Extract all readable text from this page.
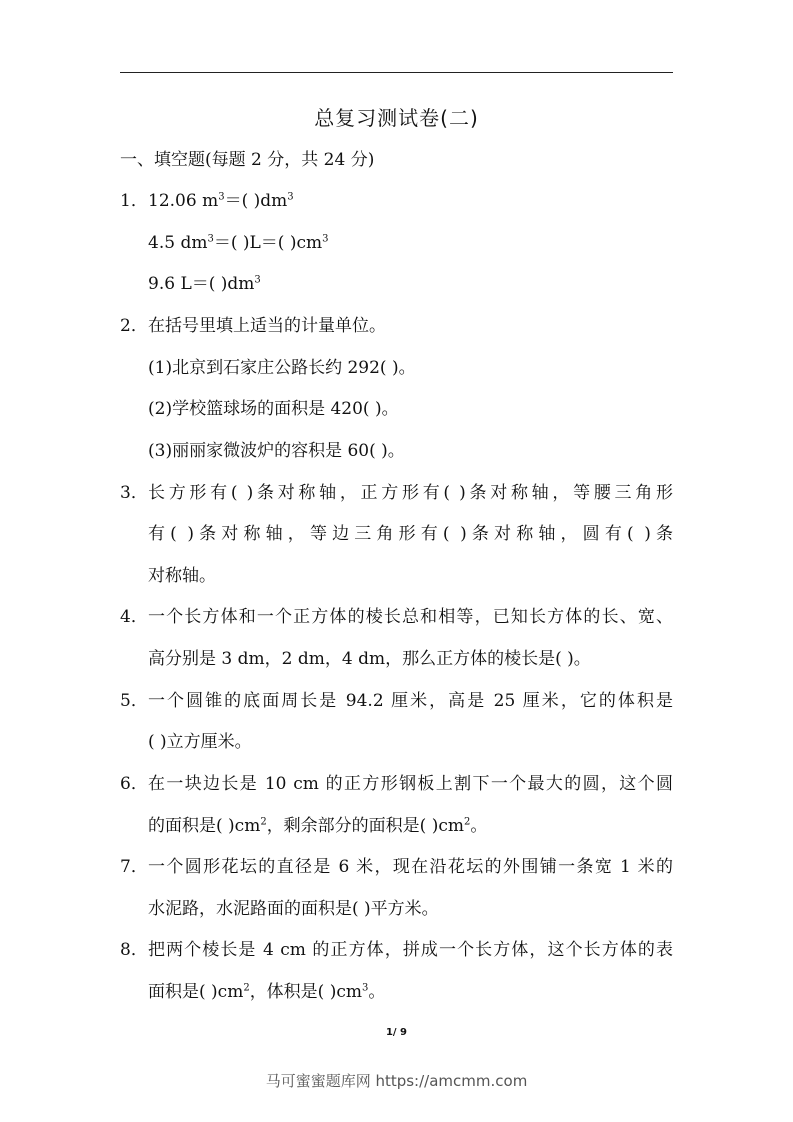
总复习测试卷(二)
一、填空题(每题 2 分，共 24 分)
1． 12.06 $m^3=$( )$dm^3$
4.5 $dm^3=$( )L＝( )$cm^3$
9.6 L＝( )$dm^3$
2． 在括号里填上适当的计量单位。
(1)北京到石家庄公路长约 292( )。
(2)学校篮球场的面积是 420( )。
(3)丽丽家微波炉的容积是 60( )。
3． 长方形有( )条对称轴，正方形有( )条对称轴，等腰三角形
有( )条对称轴，等边三角形有( )条对称轴，圆有( )条
对称轴。
4． 一个长方体和一个正方体的棱长总和相等，已知长方体的长、宽、
高分别是 3 dm，2 dm，4 dm，那么正方体的棱长是( )。
5． 一个圆锥的底面周长是 94.2 厘米，高是 25 厘米，它的体积是
( )立方厘米。
6． 在一块边长是 10 cm 的正方形钢板上割下一个最大的圆，这个圆
的面积是( )$cm^2$，剩余部分的面积是( )$cm^2$。
7． 一个圆形花坛的直径是 6 米，现在沿花坛的外围铺一条宽 1 米的
水泥路，水泥路面的面积是( )平方米。
8． 把两个棱长是 4 cm 的正方体，拼成一个长方体，这个长方体的表
面积是( )$cm^2$，体积是( )$cm^3$。
1/ 9
马可蜜蜜题库网 https://amcmm.com
